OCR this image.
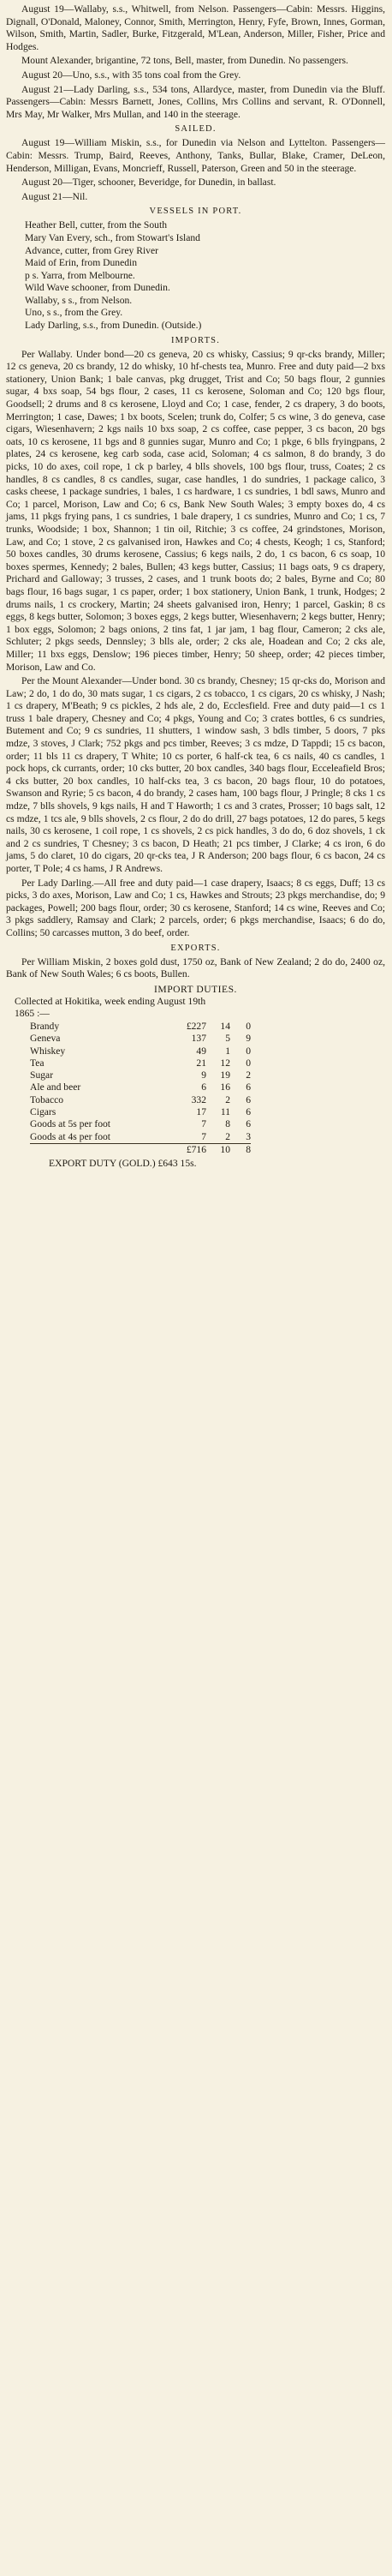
August 19—Wallaby, s.s., Whitwell, from Nelson. Passengers—Cabin: Messrs. Higgins, Dignall, O'Donald, Maloney, Connor, Smith, Merrington, Henry, Fyfe, Brown, Innes, Gorman, Wilson, Smith, Martin, Sadler, Burke, Fitzgerald, M'Lean, Anderson, Miller, Fisher, Price and Hodges.

Mount Alexander, brigantine, 72 tons, Bell, master, from Dunedin. No passengers.

August 20—Uno, s.s., with 35 tons coal from the Grey.

August 21—Lady Darling, s.s., 534 tons, Allardyce, master, from Dunedin via the Bluff. Passengers—Cabin: Messrs Barnett, Jones, Collins, Mrs Collins and servant, R. O'Donnell, Mrs May, Mr Walker, Mrs Mullan, and 140 in the steerage.

SAILED.

August 19—William Miskin, s.s., for Dunedin via Nelson and Lyttelton. Passengers—Cabin: Messrs. Trump, Baird, Reeves, Anthony, Tanks, Bullar, Blake, Cramer, DeLeon, Henderson, Milligan, Evans, Moncrieff, Russell, Paterson, Green and 50 in the steerage.

August 20—Tiger, schooner, Beveridge, for Dunedin, in ballast.

August 21—Nil.

VESSELS IN PORT.

Heather Bell, cutter, from the South

Mary Van Every, sch., from Stowart's Island

Advance, cutter, from Grey River

Maid of Erin, from Dunedin

p s. Yarra, from Melbourne.

Wild Wave schooner, from Dunedin.

Wallaby, s s., from Nelson.

Uno, s s., from the Grey.

Lady Darling, s.s., from Dunedin. (Outside.)

IMPORTS.

Per Wallaby. Under bond—20 cs geneva, 20 cs whisky, Cassius; 9 qr-cks brandy, Miller; 12 cs geneva, 20 cs brandy, 12 do whisky, 10 hf-chests tea, Munro. Free and duty paid—2 bxs stationery, Union Bank; 1 bale canvas, pkg drugget, Trist and Co; 50 bags flour, 2 gunnies sugar, 4 bxs soap, 54 bgs flour, 2 cases, 11 cs kerosene, Soloman and Co; 120 bgs flour, Goodsell; 2 drums and 8 cs kerosene, Lloyd and Co; 1 case, fender, 2 cs drapery, 3 do boots, Merrington; 1 case, Dawes; 1 bx boots, Scelen; trunk do, Colfer; 5 cs wine, 3 do geneva, case cigars, Wiesenhavern; 2 kgs nails 10 bxs soap, 2 cs coffee, case pepper, 3 cs bacon, 20 bgs oats, 10 cs kerosene, 11 bgs and 8 gunnies sugar, Munro and Co; 1 pkge, 6 blls fryingpans, 2 plates, 24 cs kerosene, keg carb soda, case acid, Soloman; 4 cs salmon, 8 do brandy, 3 do picks, 10 do axes, coil rope, 1 ck p barley, 4 blls shovels, 100 bgs flour, truss, Coates; 2 cs handles, 8 cs candles, 8 cs candles, sugar, case handles, 1 do sundries, 1 package calico, 3 casks cheese, 1 package sundries, 1 bales, 1 cs hardware, 1 cs sundries, 1 bdl saws, Munro and Co; 1 parcel, Morison, Law and Co; 6 cs, Bank New South Wales; 3 empty boxes do, 4 cs jams, 11 pkgs frying pans, 1 cs sundries, 1 bale drapery, 1 cs sundries, Munro and Co; 1 cs, 7 trunks, Woodside; 1 box, Shannon; 1 tin oil, Ritchie; 3 cs coffee, 24 grindstones, Morison, Law, and Co; 1 stove, 2 cs galvanised iron, Hawkes and Co; 4 chests, Keogh; 1 cs, Stanford; 50 boxes candles, 30 drums kerosene, Cassius; 6 kegs nails, 2 do, 1 cs bacon, 6 cs soap, 10 boxes spermes, Kennedy; 2 bales, Bullen; 43 kegs butter, Cassius; 11 bags oats, 9 cs drapery, Prichard and Galloway; 3 trusses, 2 cases, and 1 trunk boots do; 2 bales, Byrne and Co; 80 bags flour, 16 bags sugar, 1 cs paper, order; 1 box stationery, Union Bank, 1 trunk, Hodges; 2 drums nails, 1 cs crockery, Martin; 24 sheets galvanised iron, Henry; 1 parcel, Gaskin; 8 cs eggs, 8 kegs butter, Solomon; 3 boxes eggs, 2 kegs butter, Wiesenhavern; 2 kegs butter, Henry; 1 box eggs, Solomon; 2 bags onions, 2 tins fat, 1 jar jam, 1 bag flour, Cameron; 2 cks ale, Schluter; 2 pkgs seeds, Dennsley; 3 blls ale, order; 2 cks ale, Hoadean and Co; 2 cks ale, Miller; 11 bxs eggs, Denslow; 196 pieces timber, Henry; 50 sheep, order; 42 pieces timber, Morison, Law and Co.

Per the Mount Alexander—Under bond. 30 cs brandy, Chesney; 15 qr-cks do, Morison and Law; 2 do, 1 do do, 30 mats sugar, 1 cs cigars, 2 cs tobacco, 1 cs cigars, 20 cs whisky, J Nash; 1 cs drapery, M'Beath; 9 cs pickles, 2 hds ale, 2 do, Ecclesfield. Free and duty paid—1 cs 1 truss 1 bale drapery, Chesney and Co; 4 pkgs, Young and Co; 3 crates bottles, 6 cs sundries, Butement and Co; 9 cs sundries, 11 shutters, 1 window sash, 3 bdls timber, 5 doors, 7 pks mdze, 3 stoves, J Clark; 752 pkgs and pcs timber, Reeves; 3 cs mdze, D Tappdi; 15 cs bacon, order; 11 bls 11 cs drapery, T White; 10 cs porter, 6 half-ck tea, 6 cs nails, 40 cs candles, 1 pock hops, ck currants, order; 10 cks butter, 20 box candles, 340 bags flour, Ecceleafield Bros; 4 cks butter, 20 box candles, 10 half-cks tea, 3 cs bacon, 20 bags flour, 10 do potatoes, Swanson and Ryrie; 5 cs bacon, 4 do brandy, 2 cases ham, 100 bags flour, J Pringle; 8 cks 1 cs mdze, 7 blls shovels, 9 kgs nails, H and T Haworth; 1 cs and 3 crates, Prosser; 10 bags salt, 12 cs mdze, 1 tcs ale, 9 blls shovels, 2 cs flour, 2 do do drill, 27 bags potatoes, 12 do pares, 5 kegs nails, 30 cs kerosene, 1 coil rope, 1 cs shovels, 2 cs pick handles, 3 do do, 6 doz shovels, 1 ck and 2 cs sundries, T Chesney; 3 cs bacon, D Heath; 21 pcs timber, J Clarke; 4 cs iron, 6 do jams, 5 do claret, 10 do cigars, 20 qr-cks tea, J R Anderson; 200 bags flour, 6 cs bacon, 24 cs porter, T Pole; 4 cs hams, J R Andrews.

Per Lady Darling.—All free and duty paid—1 case drapery, Isaacs; 8 cs eggs, Duff; 13 cs picks, 3 do axes, Morison, Law and Co; 1 cs, Hawkes and Strouts; 23 pkgs merchandise, do; 9 packages, Powell; 200 bags flour, order; 30 cs kerosene, Stanford; 14 cs wine, Reeves and Co; 3 pkgs saddlery, Ramsay and Clark; 2 parcels, order; 6 pkgs merchandise, Isaacs; 6 do do, Collins; 50 carcasses mutton, 3 do beef, order.

EXPORTS.

Per William Miskin, 2 boxes gold dust, 1750 oz, Bank of New Zealand; 2 do do, 2400 oz, Bank of New South Wales; 6 cs boots, Bullen.

IMPORT DUTIES.

Collected at Hokitika, week ending August 19th

1865 :—

Brandy	£227	14	0
Geneva	137	5	9
Whiskey	49	1	0
Tea	21	12	0
Sugar	9	19	2
Ale and beer	6	16	6
Tobacco	332	2	6
Cigars	17	11	6
Goods at 5s per foot	7	8	6
Goods at 4s per foot	7	2	3
	£716	10	8

EXPORT DUTY (GOLD.) £643 15s.
